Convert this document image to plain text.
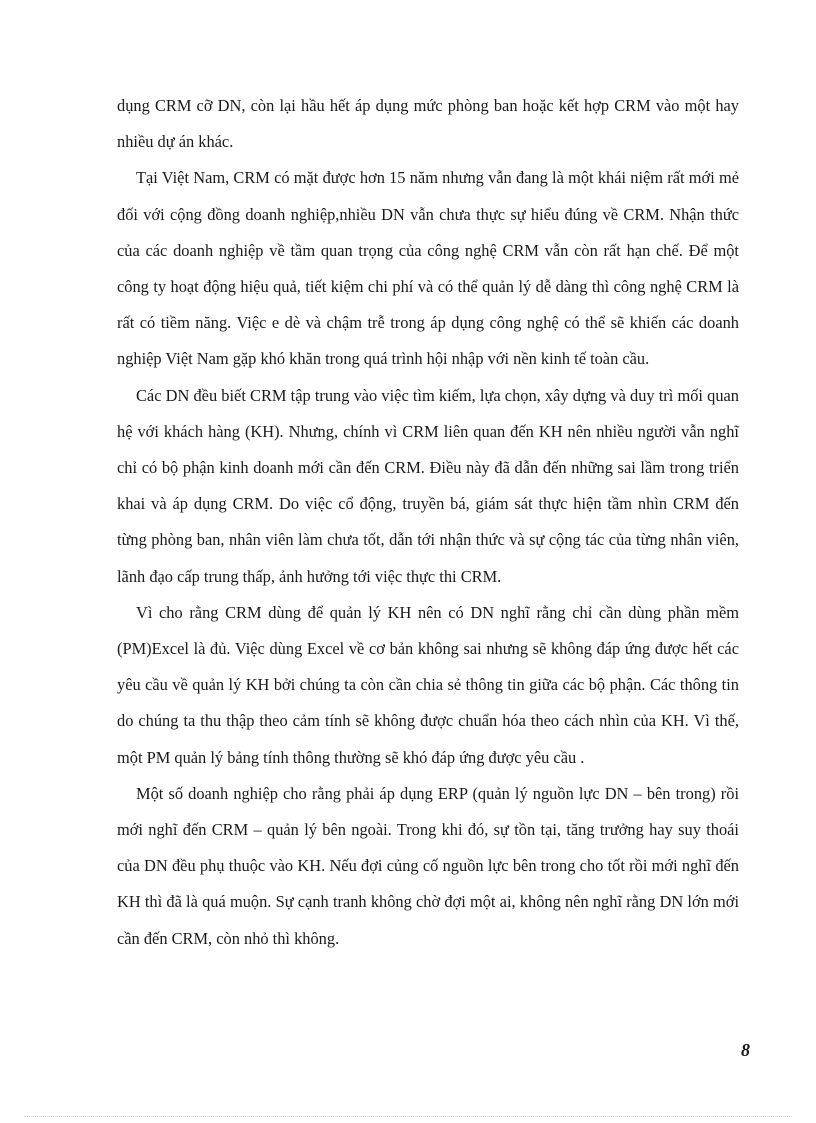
dụng CRM cỡ DN, còn lại hầu hết áp dụng mức phòng ban hoặc kết hợp CRM vào một hay nhiều dự án khác.

Tại Việt Nam, CRM có mặt được hơn 15 năm nhưng vẫn đang là một khái niệm rất mới mẻ đối với cộng đồng doanh nghiệp,nhiều DN vẫn chưa thực sự hiểu đúng về CRM. Nhận thức của các doanh nghiệp về tầm quan trọng của công nghệ CRM vẫn còn rất hạn chế. Để một công ty hoạt động hiệu quả, tiết kiệm chi phí và có thể quản lý dễ dàng thì công nghệ CRM là rất có tiềm năng. Việc e dè và chậm trễ trong áp dụng công nghệ có thể sẽ khiến các doanh nghiệp Việt Nam gặp khó khăn trong quá trình hội nhập với nền kinh tế toàn cầu.

Các DN đều biết CRM tập trung vào việc tìm kiếm, lựa chọn, xây dựng và duy trì mối quan hệ với khách hàng (KH). Nhưng, chính vì CRM liên quan đến KH nên nhiều người vẫn nghĩ chỉ có bộ phận kinh doanh mới cần đến CRM. Điều này đã dẫn đến những sai lầm trong triển khai và áp dụng CRM. Do việc cổ động, truyền bá, giám sát thực hiện tầm nhìn CRM đến từng phòng ban, nhân viên làm chưa tốt, dẫn tới nhận thức và sự cộng tác của từng nhân viên, lãnh đạo cấp trung thấp, ảnh hưởng tới việc thực thi CRM.

Vì cho rằng CRM dùng để quản lý KH nên có DN nghĩ rằng chỉ cần dùng phần mềm (PM)Excel là đủ. Việc dùng Excel về cơ bản không sai nhưng sẽ không đáp ứng được hết các yêu cầu về quản lý KH bởi chúng ta còn cần chia sẻ thông tin giữa các bộ phận. Các thông tin do chúng ta thu thập theo cảm tính sẽ không được chuẩn hóa theo cách nhìn của KH. Vì thế, một PM quản lý bảng tính thông thường sẽ khó đáp ứng được yêu cầu .

Một số doanh nghiệp cho rằng phải áp dụng ERP (quản lý nguồn lực DN – bên trong) rồi mới nghĩ đến CRM – quản lý bên ngoài. Trong khi đó, sự tồn tại, tăng trưởng hay suy thoái của DN đều phụ thuộc vào KH. Nếu đợi củng cố nguồn lực bên trong cho tốt rồi mới nghĩ đến KH thì đã là quá muộn. Sự cạnh tranh không chờ đợi một ai, không nên nghĩ rằng DN lớn mới cần đến CRM, còn nhỏ thì không.

8
